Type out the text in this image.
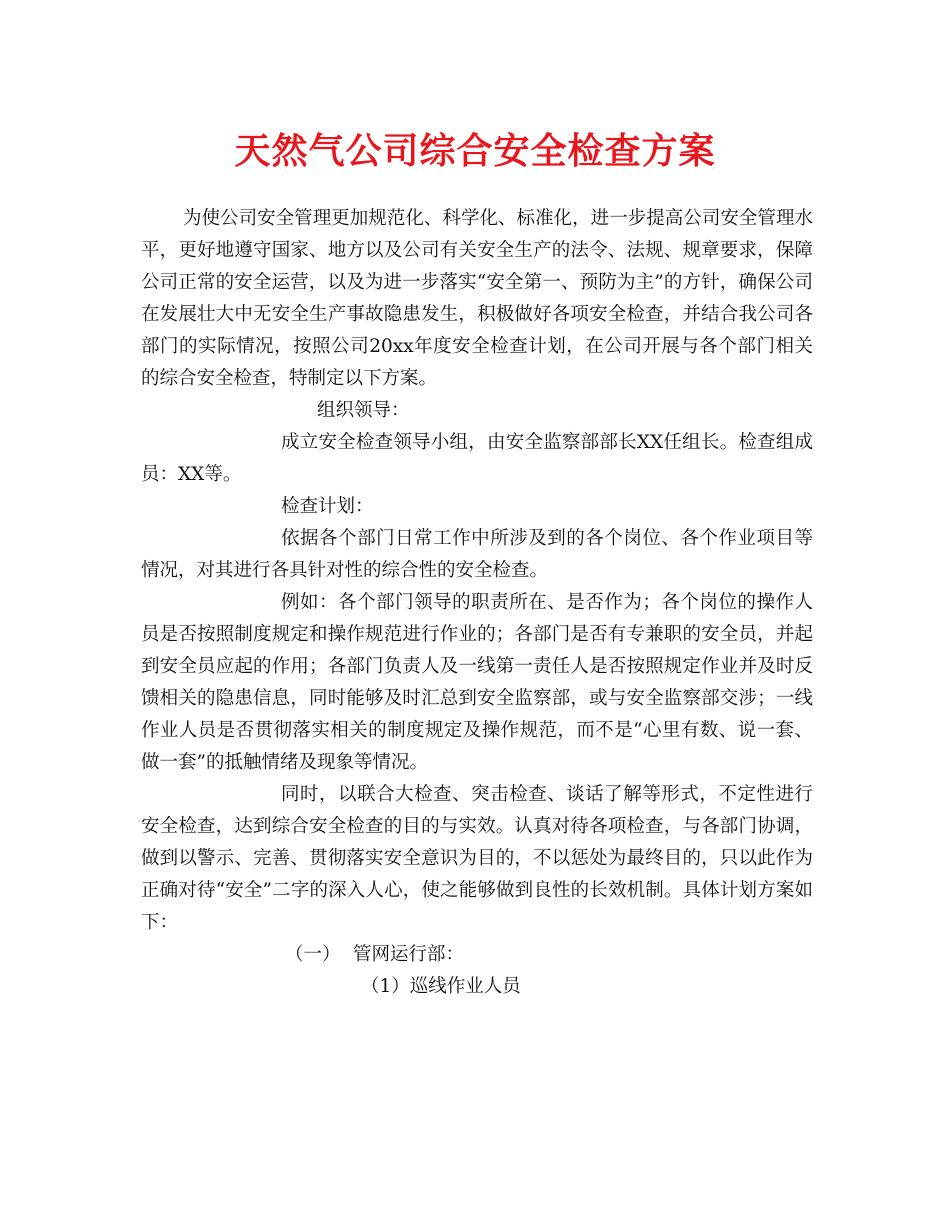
天然气公司综合安全检查方案

为使公司安全管理更加规范化、科学化、标准化，进一步提高公司安全管理水平，更好地遵守国家、地方以及公司有关安全生产的法令、法规、规章要求，保障公司正常的安全运营，以及为进一步落实“安全第一、预防为主”的方针，确保公司在发展壮大中无安全生产事故隐患发生，积极做好各项安全检查，并结合我公司各部门的实际情况，按照公司20xx年度安全检查计划，在公司开展与各个部门相关的综合安全检查，特制定以下方案。

组织领导：

成立安全检查领导小组，由安全监察部部长XX任组长。检查组成员：XX等。

检查计划：

依据各个部门日常工作中所涉及到的各个岗位、各个作业项目等情况，对其进行各具针对性的综合性的安全检查。

例如：各个部门领导的职责所在、是否作为；各个岗位的操作人员是否按照制度规定和操作规范进行作业的；各部门是否有专兼职的安全员，并起到安全员应起的作用；各部门负责人及一线第一责任人是否按照规定作业并及时反馈相关的隐患信息，同时能够及时汇总到安全监察部，或与安全监察部交涉；一线作业人员是否贯彻落实相关的制度规定及操作规范，而不是“心里有数、说一套、做一套”的抵触情绪及现象等情况。

同时，以联合大检查、突击检查、谈话了解等形式，不定性进行安全检查，达到综合安全检查的目的与实效。认真对待各项检查，与各部门协调，做到以警示、完善、贯彻落实安全意识为目的，不以惩处为最终目的，只以此作为正确对待“安全”二字的深入人心，使之能够做到良性的长效机制。具体计划方案如下：

（一） 管网运行部：

（1）巡线作业人员
